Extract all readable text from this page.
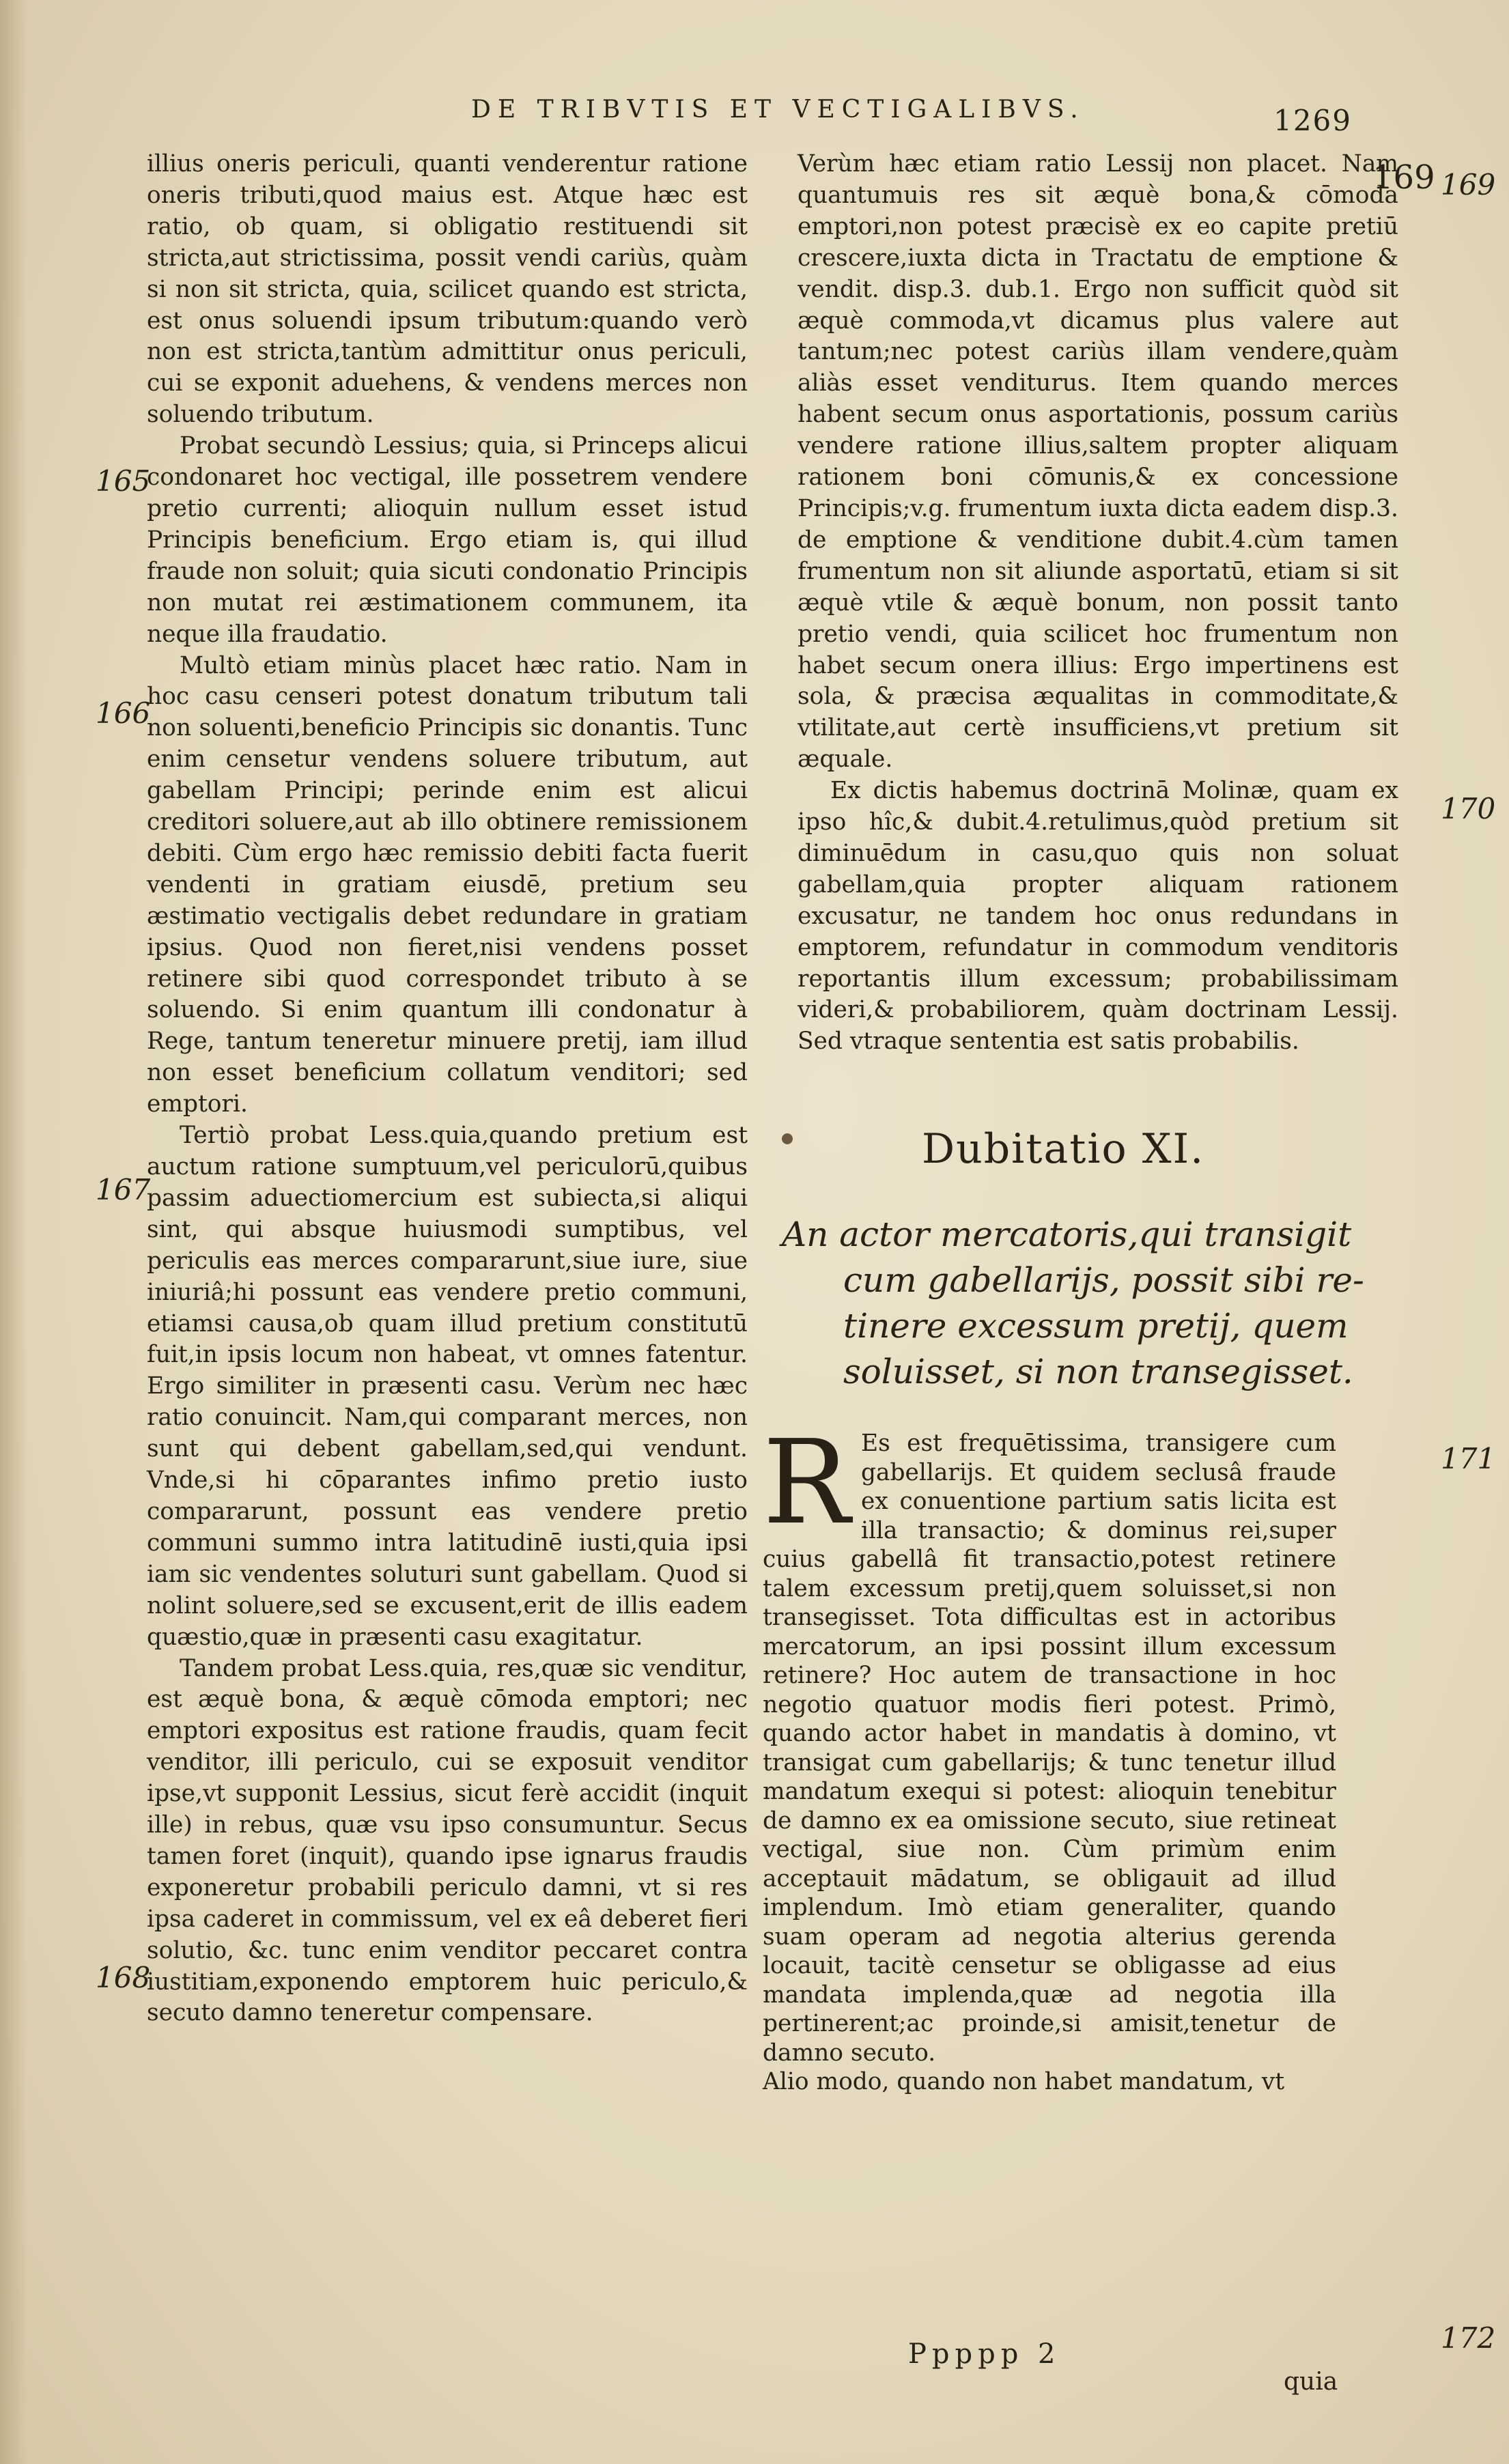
DE TRIBVTIS ET VECTIGALIBVS.	1269
169

illius oneris periculi, quanti venderentur ratione oneris tributi,quod maius est. Atque hæc est ratio, ob quam, si obligatio restituendi sit stricta,aut strictissima, possit vendi cariùs, quàm si non sit stricta, quia, scilicet quando est stricta, est onus soluendi ipsum tributum:quando verò non est stricta,tantùm admittitur onus periculi, cui se exponit aduehens, & vendens merces non soluendo tributum.

Probat secundò Lessius; quia, si Princeps alicui condonaret hoc vectigal, ille possetrem vendere pretio currenti; alioquin nullum esset istud Principis beneficium. Ergo etiam is, qui illud fraude non soluit; quia sicuti condonatio Principis non mutat rei æstimationem communem, ita neque illa fraudatio.

Multò etiam minùs placet hæc ratio. Nam in hoc casu censeri potest donatum tributum tali non soluenti,beneficio Principis sic donantis. Tunc enim censetur vendens soluere tributum, aut gabellam Principi; perinde enim est alicui creditori soluere,aut ab illo obtinere remissionem debiti. Cùm ergo hæc remissio debiti facta fuerit vendenti in gratiam eiusdē, pretium seu æstimatio vectigalis debet redundare in gratiam ipsius. Quod non fieret,nisi vendens posset retinere sibi quod correspondet tributo à se soluendo. Si enim quantum illi condonatur à Rege, tantum teneretur minuere pretij, iam illud non esset beneficium collatum venditori; sed emptori.

Tertiò probat Less.quia,quando pretium est auctum ratione sumptuum,vel periculorū,quibus passim aduectiomercium est subiecta,si aliqui sint, qui absque huiusmodi sumptibus, vel periculis eas merces compararunt,siue iure, siue iniuriâ;hi possunt eas vendere pretio communi, etiamsi causa,ob quam illud pretium constitutū fuit,in ipsis locum non habeat, vt omnes fatentur. Ergo similiter in præsenti casu. Verùm nec hæc ratio conuincit. Nam,qui comparant merces, non sunt qui debent gabellam,sed,qui vendunt. Vnde,si hi cōparantes infimo pretio iusto compararunt, possunt eas vendere pretio communi summo intra latitudinē iusti,quia ipsi iam sic vendentes soluturi sunt gabellam. Quod si nolint soluere,sed se excusent,erit de illis eadem quæstio,quæ in præsenti casu exagitatur.

Tandem probat Less.quia, res,quæ sic venditur, est æquè bona, & æquè cōmoda emptori; nec emptori expositus est ratione fraudis, quam fecit venditor, illi periculo, cui se exposuit venditor ipse,vt supponit Lessius, sicut ferè accidit (inquit ille) in rebus, quæ vsu ipso consumuntur. Secus tamen foret (inquit), quando ipse ignarus fraudis exponeretur probabili periculo damni, vt si res ipsa caderet in commissum, vel ex eâ deberet fieri solutio, &c. tunc enim venditor peccaret contra iustitiam,exponendo emptorem huic periculo,& secuto damno teneretur compensare.

165
166
167
168

Verùm hæc etiam ratio Lessij non placet. Nam quantumuis res sit æquè bona,& cōmoda emptori,non potest præcisè ex eo capite pretiū crescere,iuxta dicta in Tractatu de emptione & vendit. disp.3. dub.1. Ergo non sufficit quòd sit æquè commoda,vt dicamus plus valere aut tantum;nec potest cariùs illam vendere,quàm aliàs esset venditurus. Item quando merces habent secum onus asportationis, possum cariùs vendere ratione illius,saltem propter aliquam rationem boni cōmunis,& ex concessione Principis;v.g. frumentum iuxta dicta eadem disp.3. de emptione & venditione dubit.4.cùm tamen frumentum non sit aliunde asportatū, etiam si sit æquè vtile & æquè bonum, non possit tanto pretio vendi, quia scilicet hoc frumentum non habet secum onera illius: Ergo impertinens est sola, & præcisa æqualitas in commoditate,& vtilitate,aut certè insufficiens,vt pretium sit æquale.

Ex dictis habemus doctrinā Molinæ, quam ex ipso hîc,& dubit.4.retulimus,quòd pretium sit diminuēdum in casu,quo quis non soluat gabellam,quia propter aliquam rationem excusatur, ne tandem hoc onus redundans in emptorem, refundatur in commodum venditoris reportantis illum excessum; probabilissimam videri,& probabiliorem, quàm doctrinam Lessij. Sed vtraque sententia est satis probabilis.

169
170
Dubitatio XI.
An actor mercatoris,qui transigit
cum gabellarijs, possit sibi re-
tinere excessum pretij, quem
soluisset, si non transegisset.

R Es est frequētissima, transigere cum gabellarijs. Et quidem seclusâ fraude ex conuentione partium satis licita est illa transactio; & dominus rei,super cuius gabellâ fit transactio,potest retinere talem excessum pretij,quem soluisset,si non transegisset. Tota difficultas est in actoribus mercatorum, an ipsi possint illum excessum retinere? Hoc autem de transactione in hoc negotio quatuor modis fieri potest. Primò, quando actor habet in mandatis à domino, vt transigat cum gabellarijs; & tunc tenetur illud mandatum exequi si potest: alioquin tenebitur de damno ex ea omissione secuto, siue retineat vectigal, siue non. Cùm primùm enim acceptauit mādatum, se obligauit ad illud implendum. Imò etiam generaliter, quando suam operam ad negotia alterius gerenda locauit, tacitè censetur se obligasse ad eius mandata implenda,quæ ad negotia illa pertinerent;ac proinde,si amisit,tenetur de damno secuto.

Alio modo, quando non habet mandatum, vt

171
172
Ppppp 2
quia
